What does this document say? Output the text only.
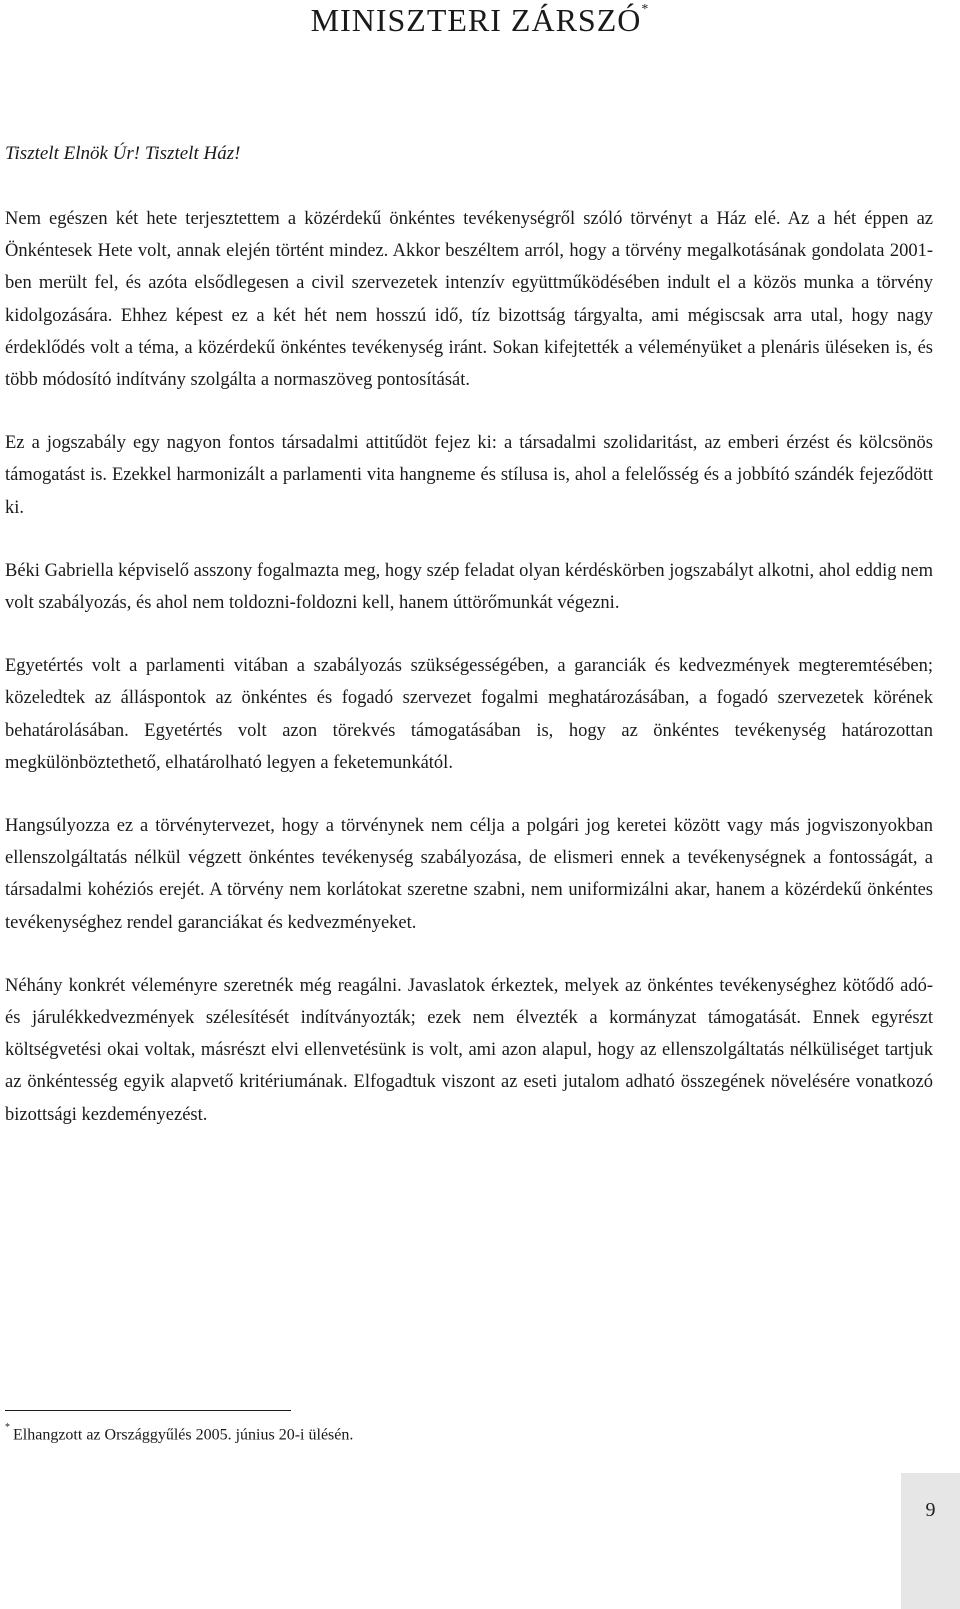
MINISZTERI ZÁRSZÓ*

Tisztelt Elnök Úr! Tisztelt Ház!

Nem egészen két hete terjesztettem a közérdekű önkéntes tevékenységről szóló törvényt a Ház elé. Az a hét éppen az Önkéntesek Hete volt, annak elején történt mindez. Akkor beszéltem arról, hogy a törvény megalkotásának gondolata 2001-ben merült fel, és azóta elsődlegesen a civil szervezetek intenzív együttműködésében indult el a közös munka a törvény kidolgozására. Ehhez képest ez a két hét nem hosszú idő, tíz bizottság tárgyalta, ami mégiscsak arra utal, hogy nagy érdeklődés volt a téma, a közérdekű önkéntes tevékenység iránt. Sokan kifejtették a véleményüket a plenáris üléseken is, és több módosító indítvány szolgálta a normaszöveg pontosítását.

Ez a jogszabály egy nagyon fontos társadalmi attitűdöt fejez ki: a társadalmi szolidaritást, az emberi érzést és kölcsönös támogatást is. Ezekkel harmonizált a parlamenti vita hangneme és stílusa is, ahol a felelősség és a jobbító szándék fejeződött ki.

Béki Gabriella képviselő asszony fogalmazta meg, hogy szép feladat olyan kérdéskörben jogszabályt alkotni, ahol eddig nem volt szabályozás, és ahol nem toldozni-foldozni kell, hanem úttörőmunkát végezni.

Egyetértés volt a parlamenti vitában a szabályozás szükségességében, a garanciák és kedvezmények megteremtésében; közeledtek az álláspontok az önkéntes és fogadó szervezet fogalmi meghatározásában, a fogadó szervezetek körének behatárolásában. Egyetértés volt azon törekvés támogatásában is, hogy az önkéntes tevékenység határozottan megkülönböztethető, elhatárolható legyen a feketemunkától.

Hangsúlyozza ez a törvénytervezet, hogy a törvénynek nem célja a polgári jog keretei között vagy más jogviszonyokban ellenszolgáltatás nélkül végzett önkéntes tevékenység szabályozása, de elismeri ennek a tevékenységnek a fontosságát, a társadalmi kohéziós erejét. A törvény nem korlátokat szeretne szabni, nem uniformizálni akar, hanem a közérdekű önkéntes tevékenységhez rendel garanciákat és kedvezményeket.

Néhány konkrét véleményre szeretnék még reagálni. Javaslatok érkeztek, melyek az önkéntes tevékenységhez kötődő adó- és járulékkedvezmények szélesítését indítványozták; ezek nem élvezték a kormányzat támogatását. Ennek egyrészt költségvetési okai voltak, másrészt elvi ellenvetésünk is volt, ami azon alapul, hogy az ellenszolgáltatás nélküliséget tartjuk az önkéntesség egyik alapvető kritériumának. Elfogadtuk viszont az eseti jutalom adható összegének növelésére vonatkozó bizottsági kezdeményezést.

* Elhangzott az Országgyűlés 2005. június 20-i ülésén.

9
